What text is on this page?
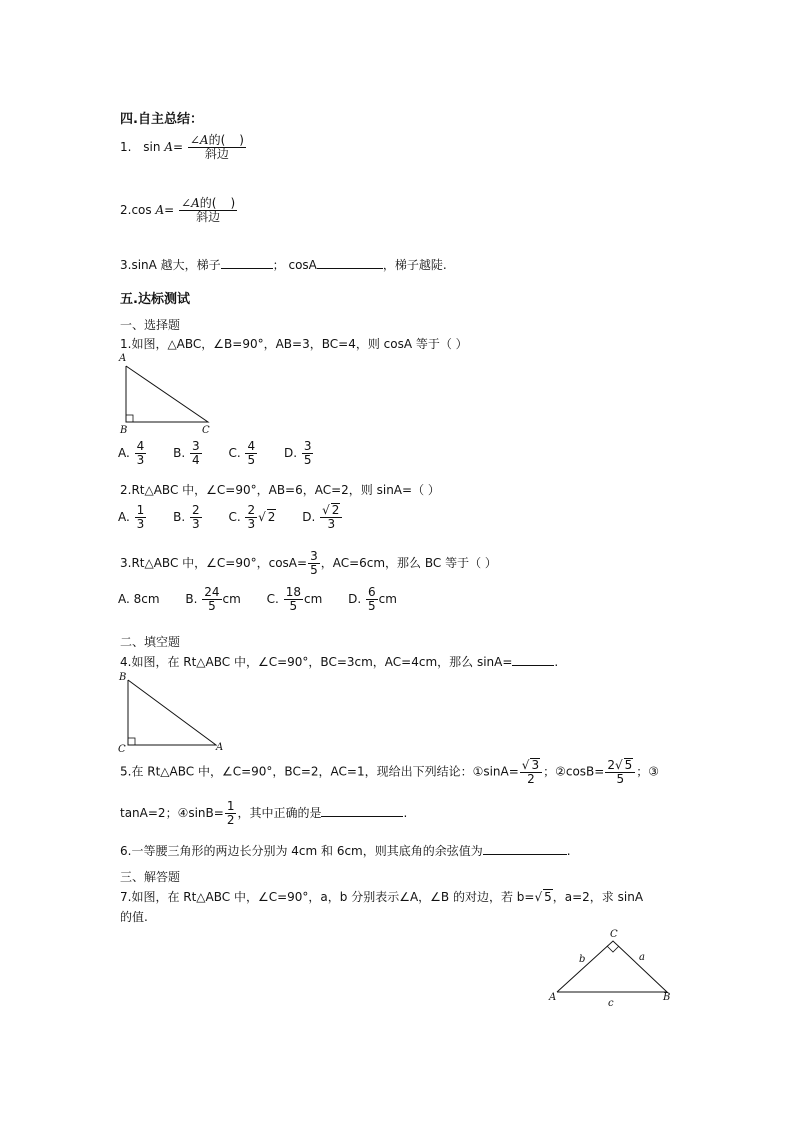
四.自主总结：
1. $\sin A= \frac{\text{∠A的( )}}{\text{斜边}}$
2.cos $A= \frac{\text{∠A的( )}}{\text{斜边}}$
3.sinA 越大，梯子	； cosA	，梯子越陡.
五.达标测试
一、选择题
1.如图，△ABC，∠B=90°，AB=3，BC=4，则 cosA 等于（ ）
A
B	C
A. $\frac{4}{3} B$. $\frac{3}{4} C$. $\frac{4}{5} D$. $\frac{3}{5}$
2.Rt△ABC 中，∠C=90°，AB=6，AC=2，则 sinA=（ ）
A. $\frac{1}{3} B$. $\frac{2}{3} C$. $\frac{2}{3}$ √ 2 D. $\frac{√ 2}{3}$
3.Rt△ABC 中，∠C=90°，$\cos A= \frac{3}{5}$ ，AC=6cm，那么 BC 等于（ ）
A. 8cm B. $\frac{24}{5}$ cm C. $\frac{18}{5}$ cm D. $\frac{6}{5}$ cm
二、填空题
4.如图，在 Rt△ABC 中，∠C=90°，BC=3cm，AC=4cm，那么 sinA=	.
B
C	A
5.在 Rt△ABC 中，∠C=90°，BC=2，AC=1，现给出下列结论：①sinA= $\frac{√ 3}{2}$ ；②cosB= $\frac{2√ 5}{5}$ ；③
tanA=2；④sinB= $\frac{1}{2}$ ，其中正确的是	.
6.一等腰三角形的两边长分别为 4cm 和 6cm，则其底角的余弦值为	.
三、解答题
7.如图，在 Rt△ABC 中，∠C=90°，a，b 分别表示∠A，∠B 的对边，若 b=√ 5，a=2，求 sinA
的值.
C
A	B
b	a
c
